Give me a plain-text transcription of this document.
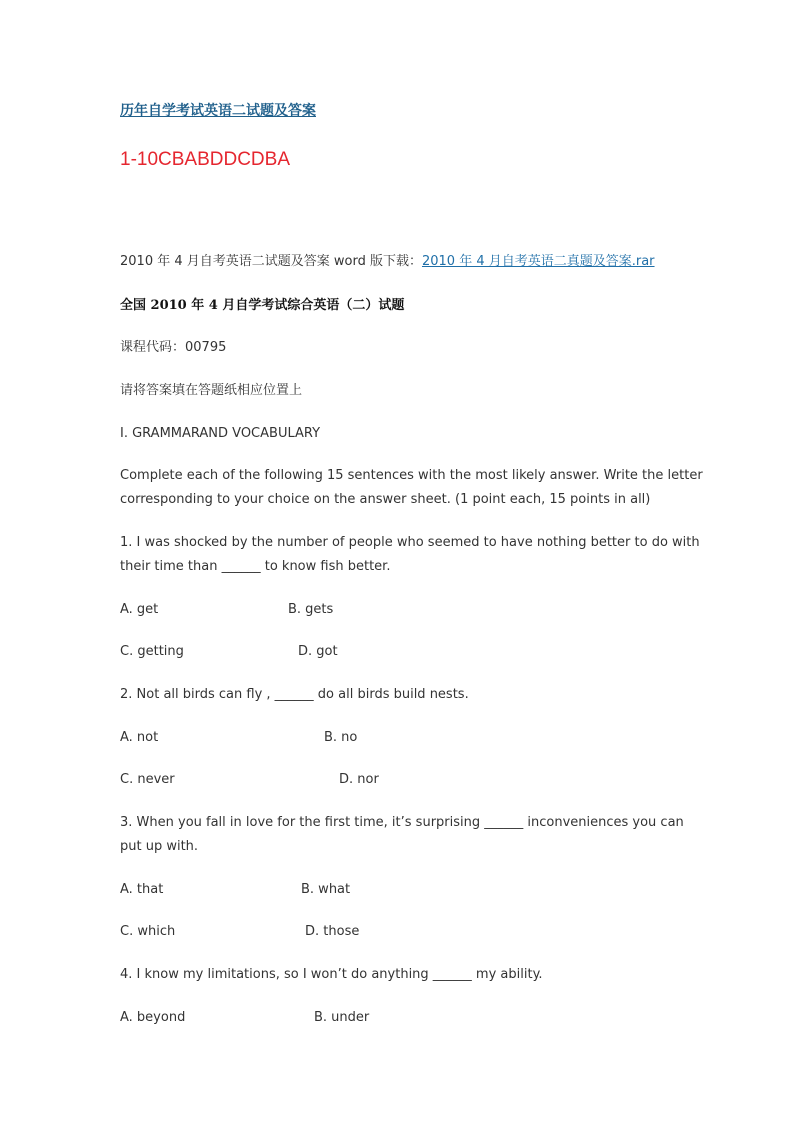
历年自学考试英语二试题及答案
1-10CBABDDCDBA
2010 年 4 月自考英语二试题及答案 word 版下载：2010 年 4 月自考英语二真题及答案.rar
全国 2010 年 4 月自学考试综合英语（二）试题
课程代码：00795
请将答案填在答题纸相应位置上
I. GRAMMARAND VOCABULARY
Complete each of the following 15 sentences with the most likely answer. Write the letter
corresponding to your choice on the answer sheet. (1 point each, 15 points in all)
1. I was shocked by the number of people who seemed to have nothing better to do with
their time than ______ to know fish better.
A. get	B. gets
C. getting	D. got
2. Not all birds can fly , ______ do all birds build nests.
A. not	B. no
C. never	D. nor
3. When you fall in love for the first time, it’s surprising ______ inconveniences you can
put up with.
A. that	B. what
C. which	D. those
4. I know my limitations, so I won’t do anything ______ my ability.
A. beyond	B. under
